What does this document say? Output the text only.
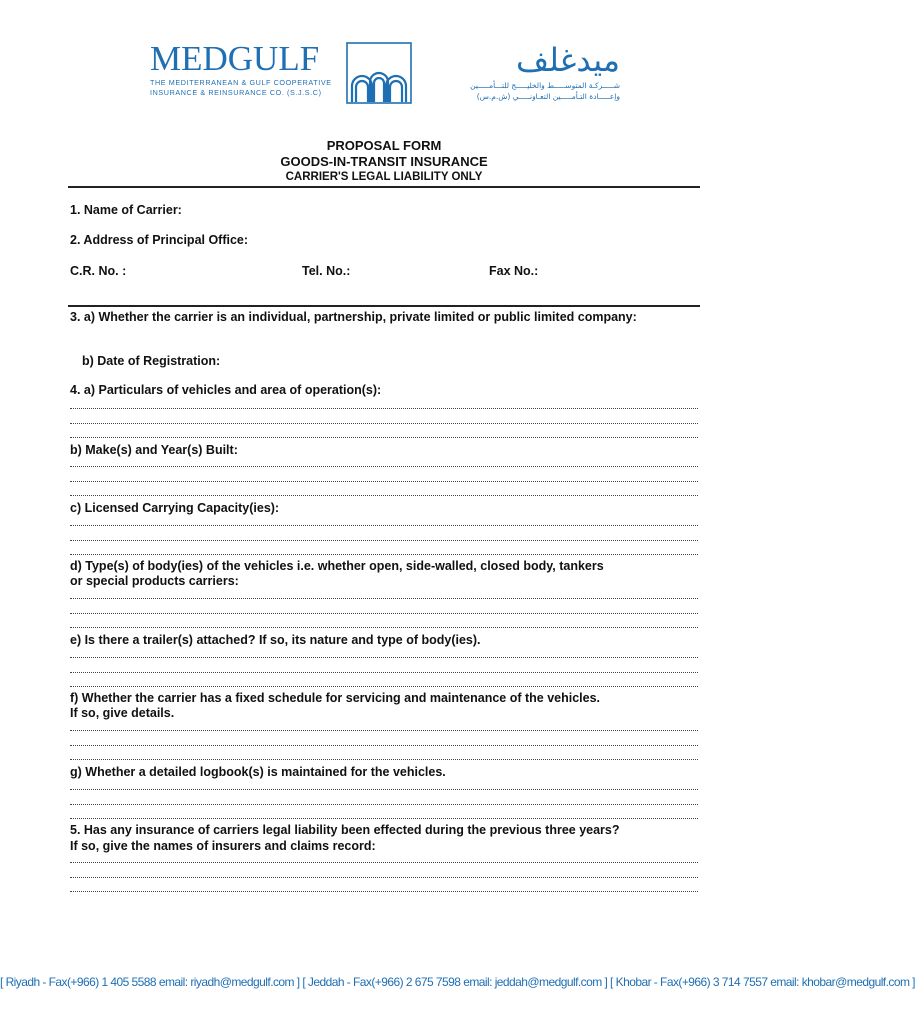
MEDGULF
THE MEDITERRANEAN & GULF COOPERATIVE
INSURANCE & REINSURANCE CO. (S.J.S.C)
ميدغلف
شـــــركـة المتوســـــط والخليـــــج للتـــأمـــــين
وإعـــــادة التـأمـــــين التعـاونـــــي (ش.م.س)
PROPOSAL FORM
GOODS-IN-TRANSIT INSURANCE
CARRIER'S LEGAL LIABILITY ONLY
1. Name of Carrier:
2. Address of Principal Office:
C.R. No. :	Tel. No.:	Fax No.:
3. a) Whether the carrier is an individual, partnership, private limited or public limited company:
b) Date of Registration:
4. a) Particulars of vehicles and area of operation(s):
b) Make(s) and Year(s) Built:
c) Licensed Carrying Capacity(ies):
d) Type(s) of body(ies) of the vehicles i.e. whether open, side-walled, closed body, tankers
or special products carriers:
e) Is there a trailer(s) attached? If so, its nature and type of body(ies).
f) Whether the carrier has a fixed schedule for servicing and maintenance of the vehicles.
If so, give details.
g) Whether a detailed logbook(s) is maintained for the vehicles.
5. Has any insurance of carriers legal liability been effected during the previous three years?
If so, give the names of insurers and claims record:
[ Riyadh - Fax(+966) 1 405 5588 email: riyadh@medgulf.com ] [ Jeddah - Fax(+966) 2 675 7598 email: jeddah@medgulf.com ] [ Khobar - Fax(+966) 3 714 7557 email: khobar@medgulf.com ]
